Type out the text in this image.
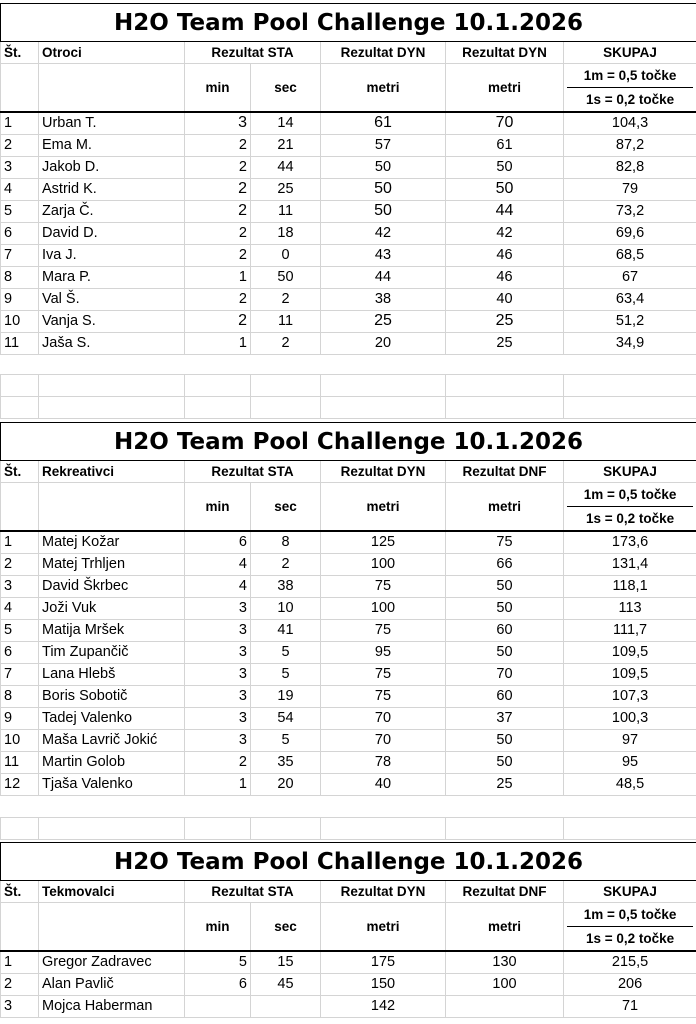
H2O Team Pool Challenge 10.1.2026						
Št.	Otroci	Rezultat STA		Rezultat DYN	Rezultat DYN	SKUPAJ
		min	sec	metri	metri	1m = 0,5 točke
1s = 0,2 točke

1	Urban T.	3	14	61	70	104,3
2	Ema M.	2	21	57	61	87,2
3	Jakob D.	2	44	50	50	82,8
4	Astrid K.	2	25	50	50	79
5	Zarja Č.	2	11	50	44	73,2
6	David D.	2	18	42	42	69,6
7	Iva J.	2	0	43	46	68,5
8	Mara P.	1	50	44	46	67
9	Val Š.	2	2	38	40	63,4
10	Vanja S.	2	11	25	25	51,2
11	Jaša S.	1	2	20	25	34,9

H2O Team Pool Challenge 10.1.2026						
Št.	Rekreativci	Rezultat STA		Rezultat DYN	Rezultat DNF	SKUPAJ
		min	sec	metri	metri	1m = 0,5 točke
1s = 0,2 točke

1	Matej Kožar	6	8	125	75	173,6
2	Matej Trhljen	4	2	100	66	131,4
3	David Škrbec	4	38	75	50	118,1
4	Joži Vuk	3	10	100	50	113
5	Matija Mršek	3	41	75	60	111,7
6	Tim Zupančič	3	5	95	50	109,5
7	Lana Hlebš	3	5	75	70	109,5
8	Boris Sobotič	3	19	75	60	107,3
9	Tadej Valenko	3	54	70	37	100,3
10	Maša Lavrič Jokić	3	5	70	50	97
11	Martin Golob	2	35	78	50	95
12	Tjaša Valenko	1	20	40	25	48,5

H2O Team Pool Challenge 10.1.2026						
Št.	Tekmovalci	Rezultat STA		Rezultat DYN	Rezultat DNF	SKUPAJ
		min	sec	metri	metri	1m = 0,5 točke
1s = 0,2 točke

1	Gregor Zadravec	5	15	175	130	215,5
2	Alan Pavlič	6	45	150	100	206
3	Mojca Haberman			142		71
